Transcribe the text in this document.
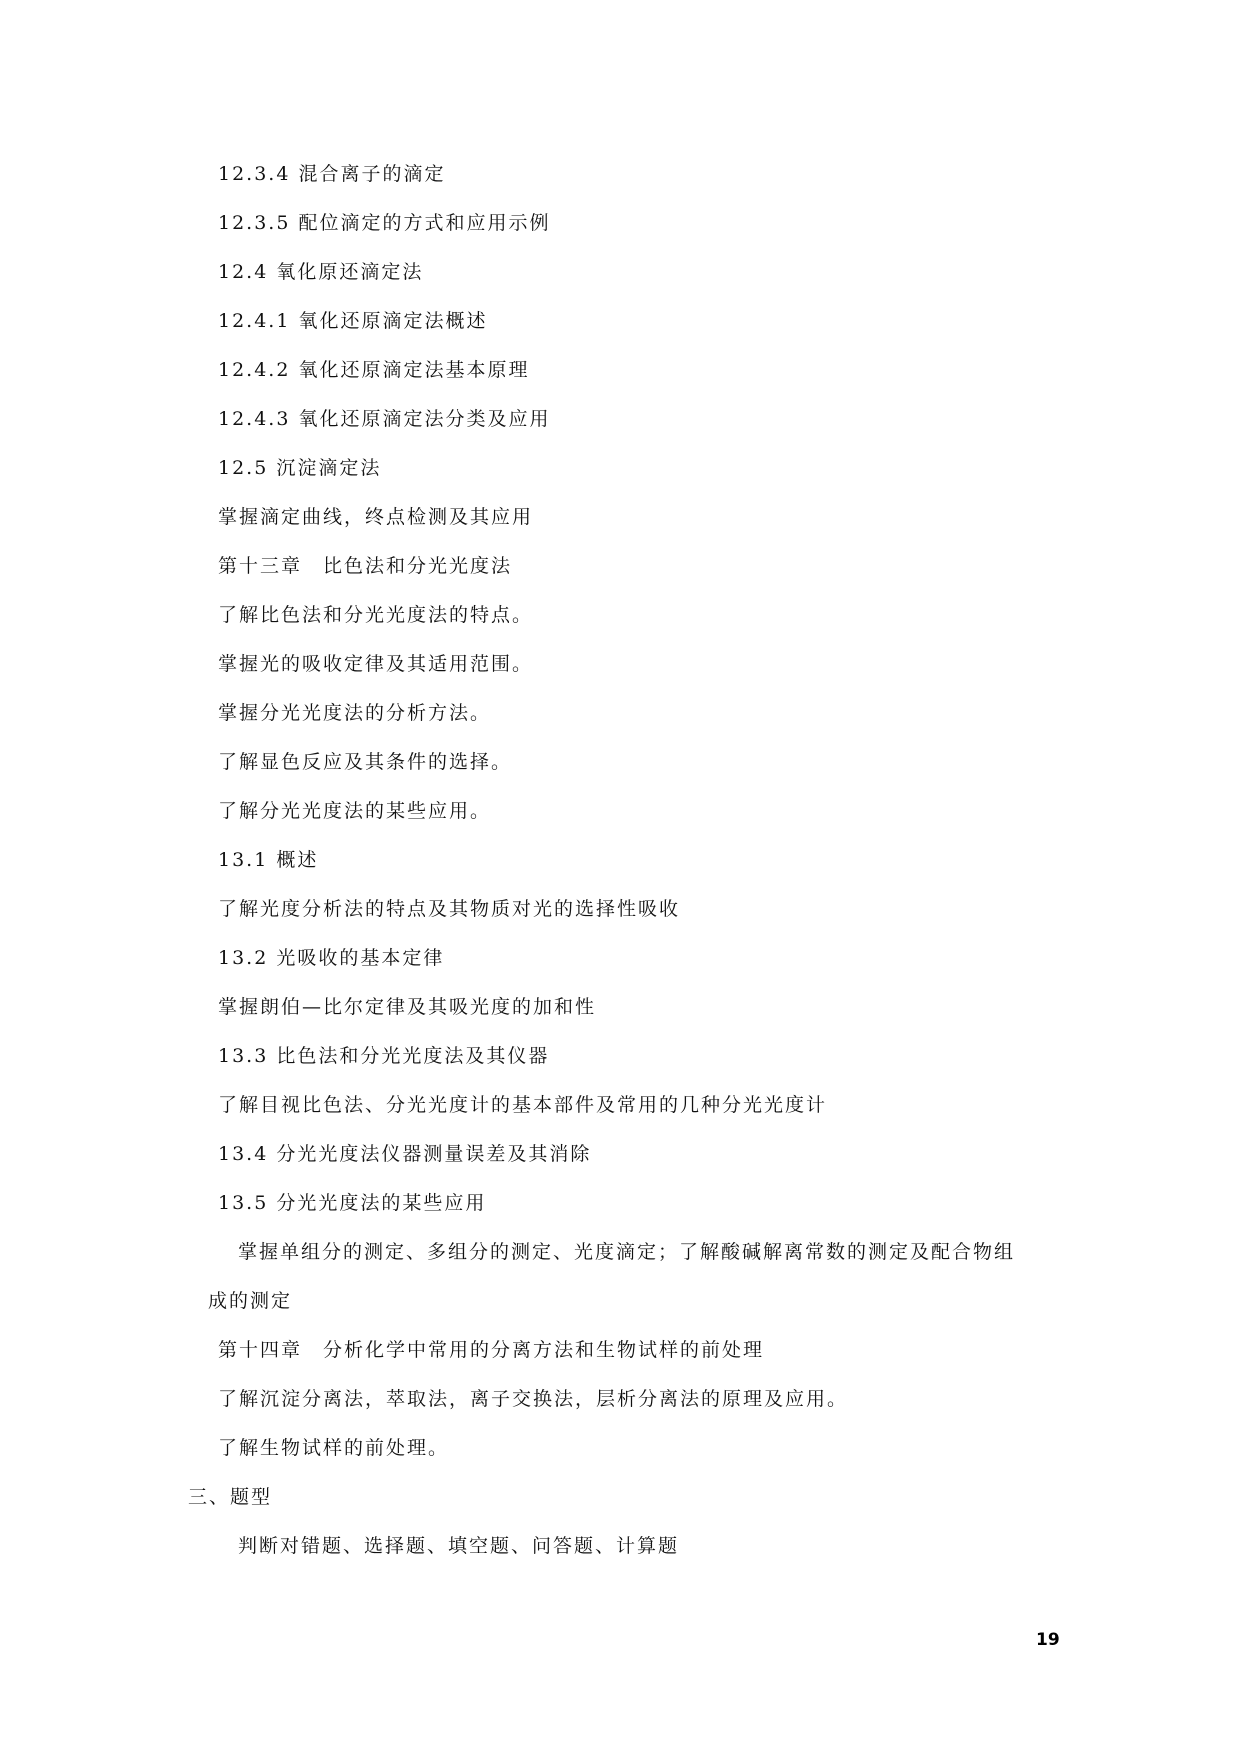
12.3.4 混合离子的滴定
12.3.5 配位滴定的方式和应用示例
12.4 氧化原还滴定法
12.4.1 氧化还原滴定法概述
12.4.2 氧化还原滴定法基本原理
12.4.3 氧化还原滴定法分类及应用
12.5 沉淀滴定法
掌握滴定曲线，终点检测及其应用
第十三章　比色法和分光光度法
了解比色法和分光光度法的特点。
掌握光的吸收定律及其适用范围。
掌握分光光度法的分析方法。
了解显色反应及其条件的选择。
了解分光光度法的某些应用。
13.1 概述
了解光度分析法的特点及其物质对光的选择性吸收
13.2 光吸收的基本定律
掌握朗伯—比尔定律及其吸光度的加和性
13.3 比色法和分光光度法及其仪器
了解目视比色法、分光光度计的基本部件及常用的几种分光光度计
13.4 分光光度法仪器测量误差及其消除
13.5 分光光度法的某些应用
掌握单组分的测定、多组分的测定、光度滴定；了解酸碱解离常数的测定及配合物组
成的测定
第十四章　分析化学中常用的分离方法和生物试样的前处理
了解沉淀分离法，萃取法，离子交换法，层析分离法的原理及应用。
了解生物试样的前处理。
三、题型
判断对错题、选择题、填空题、问答题、计算题
19
